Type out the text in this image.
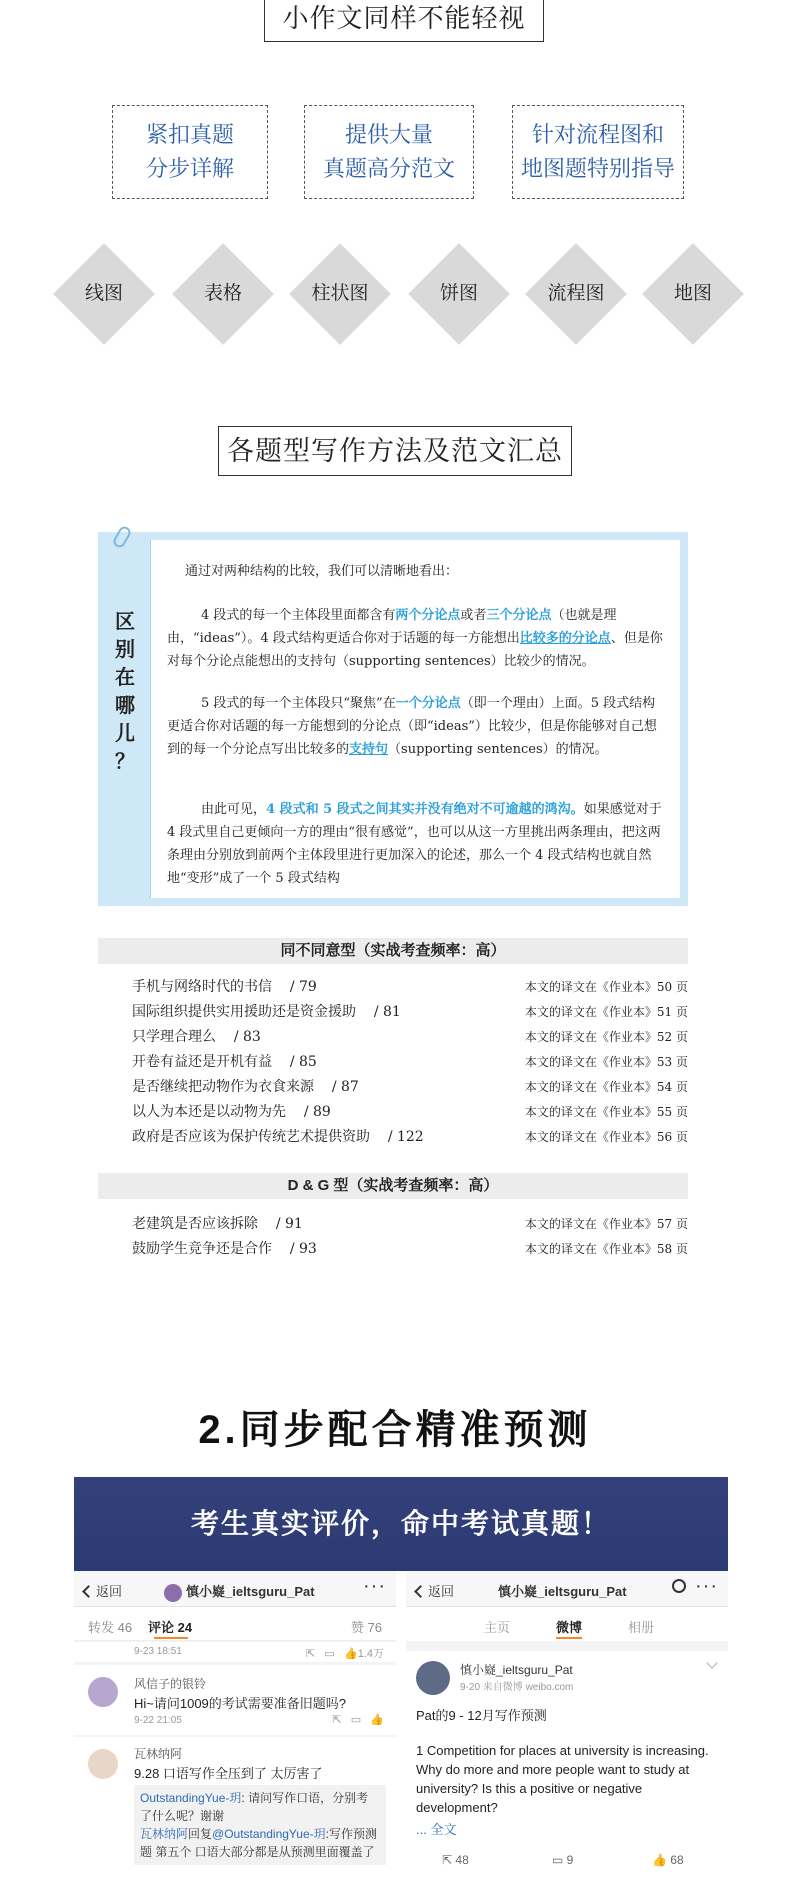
小作文同样不能轻视
紧扣真题
分步详解
提供大量
真题高分范文
针对流程图和
地图题特别指导
线图	表格	柱状图	饼图	流程图	地图
各题型写作方法及范文汇总
区
别
在
哪
儿
？
通过对两种结构的比较，我们可以清晰地看出：
4 段式的每一个主体段里面都含有两个分论点或者三个分论点（也就是理由，“ideas”）。4 段式结构更适合你对于话题的每一方能想出比较多的分论点、但是你对每个分论点能想出的支持句（supporting sentences）比较少的情况。
5 段式的每一个主体段只“聚焦”在一个分论点（即一个理由）上面。5 段式结构更适合你对话题的每一方能想到的分论点（即“ideas”）比较少，但是你能够对自己想到的每一个分论点写出比较多的支持句（supporting sentences）的情况。
由此可见，4 段式和 5 段式之间其实并没有绝对不可逾越的鸿沟。如果感觉对于 4 段式里自己更倾向一方的理由“很有感觉”，也可以从这一方里挑出两条理由，把这两条理由分别放到前两个主体段里进行更加深入的论述，那么一个 4 段式结构也就自然地“变形”成了一个 5 段式结构
同不同意型（实战考查频率：高）
手机与网络时代的书信 / 79	本文的译文在《作业本》50 页
国际组织提供实用援助还是资金援助 / 81	本文的译文在《作业本》51 页
只学理合理么 / 83	本文的译文在《作业本》52 页
开卷有益还是开机有益 / 85	本文的译文在《作业本》53 页
是否继续把动物作为衣食来源 / 87	本文的译文在《作业本》54 页
以人为本还是以动物为先 / 89	本文的译文在《作业本》55 页
政府是否应该为保护传统艺术提供资助 / 122	本文的译文在《作业本》56 页
D & G 型（实战考查频率：高）
老建筑是否应该拆除 / 91	本文的译文在《作业本》57 页
鼓励学生竞争还是合作 / 93	本文的译文在《作业本》58 页
2.同步配合精准预测
考生真实评价，命中考试真题！
返回	慎小嶷_ieltsguru_Pat ···
转发 46 评论 24	赞 76
9-23 18:51	⇱   ▭   👍1.4万
风信子的银铃
Hi~请问1009的考试需要准备旧题吗?
9-22 21:05	⇱   ▭   👍
瓦林纳阿
9.28 口语写作全压到了 太厉害了
OutstandingYue-玥: 请问写作口语，分别考了什么呢？谢谢
瓦林纳阿回复@OutstandingYue-玥:写作预测题 第五个 口语大部分都是从预测里面覆盖了
返回	慎小嶷_ieltsguru_Pat	···
主页	微博	相册
慎小嶷_ieltsguru_Pat
9-20 来自微博 weibo.com
Pat的9 - 12月写作预测
1 Competition for places at university is increasing. Why do more and more people want to study at university? Is this a positive or negative development?
... 全文
⇱ 48	▭ 9	👍 68
